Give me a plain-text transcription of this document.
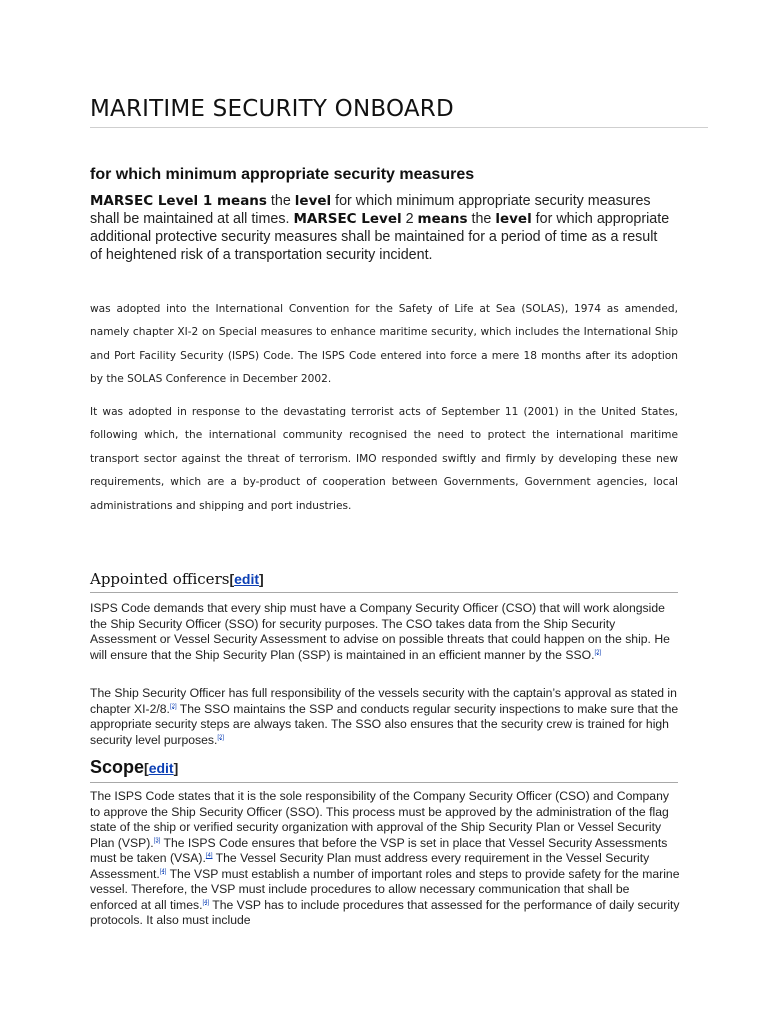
MARITIME SECURITY ONBOARD
for which minimum appropriate security measures

MARSEC Level 1 means the level for which minimum appropriate security measures shall be maintained at all times. MARSEC Level 2 means the level for which appropriate additional protective security measures shall be maintained for a period of time as a result of heightened risk of a transportation security incident.

was adopted into the International Convention for the Safety of Life at Sea (SOLAS), 1974 as amended, namely chapter XI-2 on Special measures to enhance maritime security, which includes the International Ship and Port Facility Security (ISPS) Code. The ISPS Code entered into force a mere 18 months after its adoption by the SOLAS Conference in December 2002.

It was adopted in response to the devastating terrorist acts of September 11 (2001) in the United States, following which, the international community recognised the need to protect the international maritime transport sector against the threat of terrorism. IMO responded swiftly and firmly by developing these new requirements, which are a by-product of cooperation between Governments, Government agencies, local administrations and shipping and port industries.

Appointed officers[edit]

ISPS Code demands that every ship must have a Company Security Officer (CSO) that will work alongside the Ship Security Officer (SSO) for security purposes. The CSO takes data from the Ship Security Assessment or Vessel Security Assessment to advise on possible threats that could happen on the ship. He will ensure that the Ship Security Plan (SSP) is maintained in an efficient manner by the SSO.[2]

The Ship Security Officer has full responsibility of the vessels security with the captain’s approval as stated in chapter XI-2/8.[2] The SSO maintains the SSP and conducts regular security inspections to make sure that the appropriate security steps are always taken. The SSO also ensures that the security crew is trained for high security level purposes.[2]

Scope[edit]

The ISPS Code states that it is the sole responsibility of the Company Security Officer (CSO) and Company to approve the Ship Security Officer (SSO). This process must be approved by the administration of the flag state of the ship or verified security organization with approval of the Ship Security Plan or Vessel Security Plan (VSP).[3] The ISPS Code ensures that before the VSP is set in place that Vessel Security Assessments must be taken (VSA).[4] The Vessel Security Plan must address every requirement in the Vessel Security Assessment.[4] The VSP must establish a number of important roles and steps to provide safety for the marine vessel. Therefore, the VSP must include procedures to allow necessary communication that shall be enforced at all times.[4] The VSP has to include procedures that assessed for the performance of daily security protocols. It also must include
